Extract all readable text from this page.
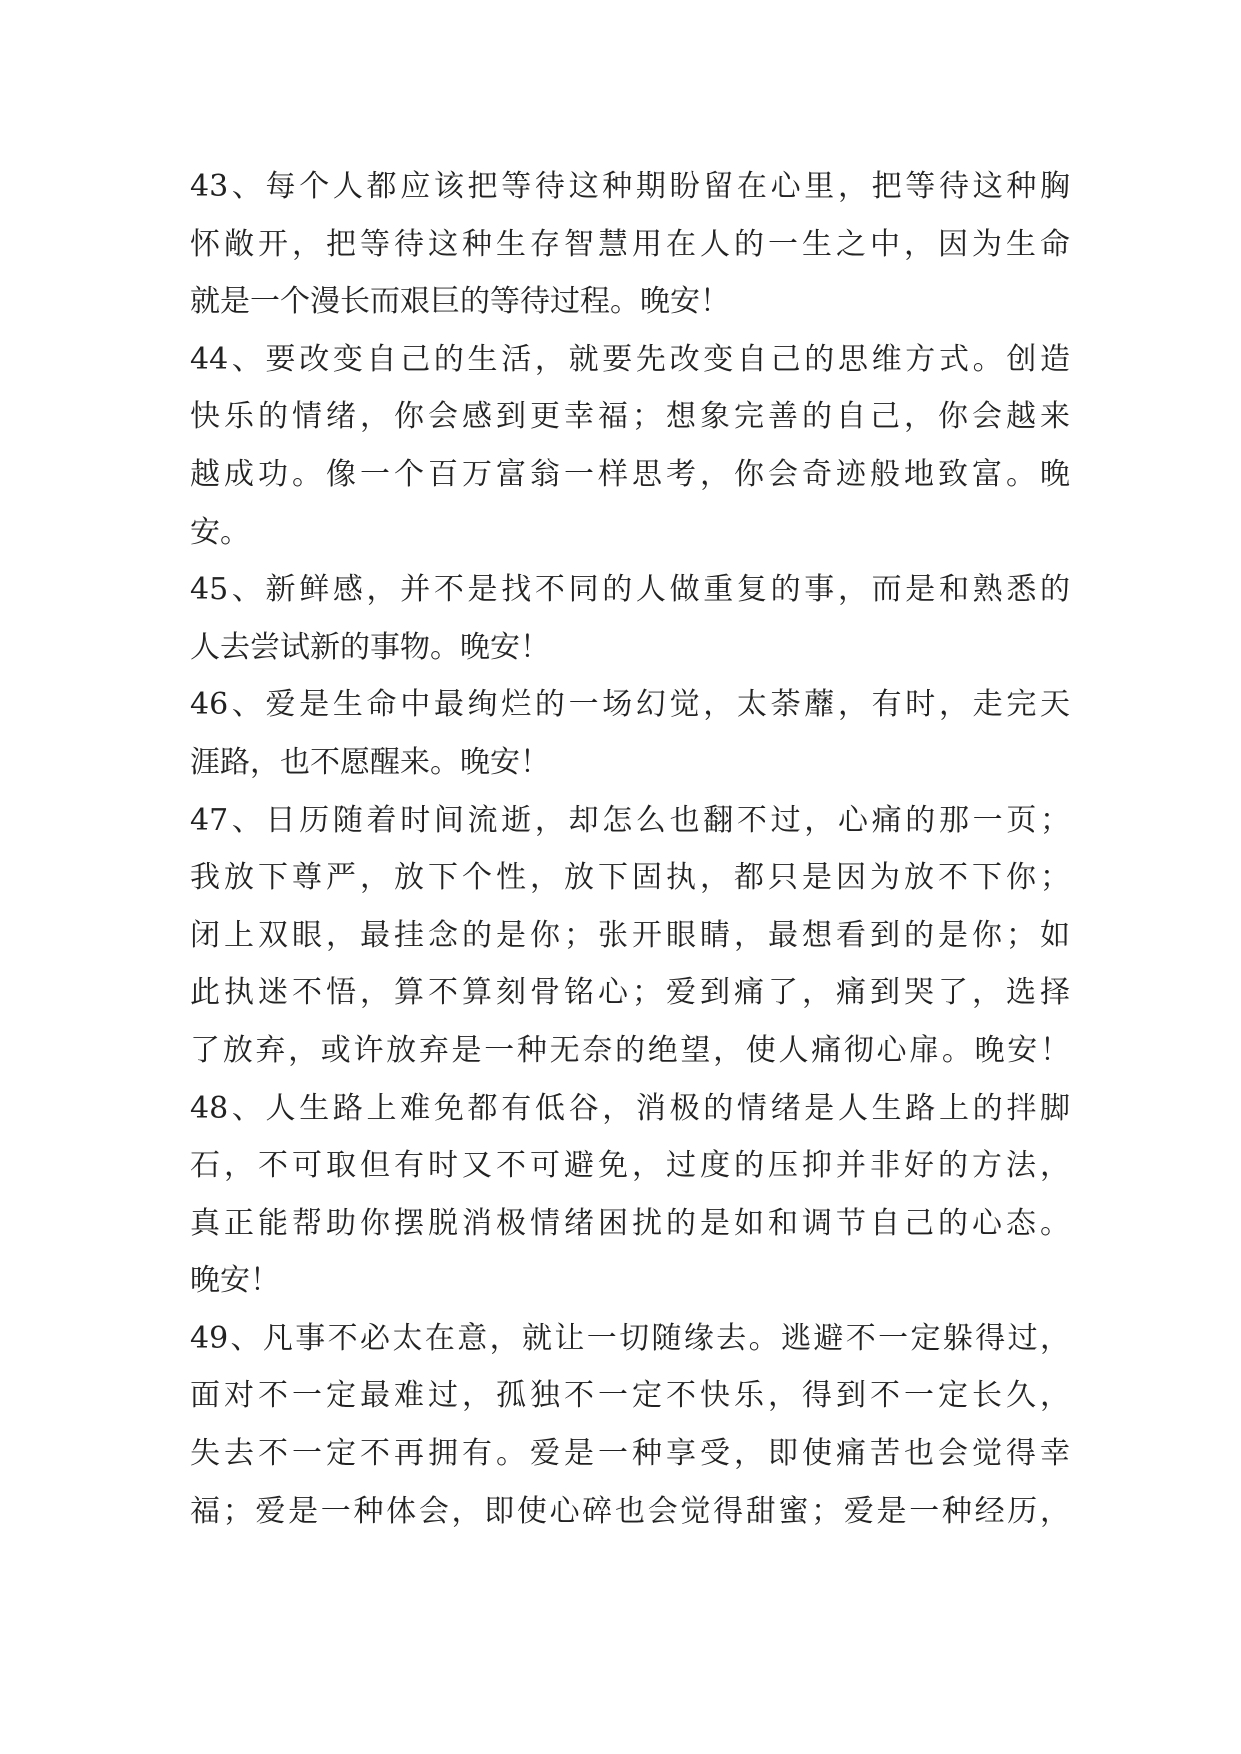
43、每个人都应该把等待这种期盼留在心里，把等待这种胸
怀敞开，把等待这种生存智慧用在人的一生之中，因为生命
就是一个漫长而艰巨的等待过程。晚安！

44、要改变自己的生活，就要先改变自己的思维方式。创造
快乐的情绪，你会感到更幸福；想象完善的自己，你会越来
越成功。像一个百万富翁一样思考，你会奇迹般地致富。晚
安。

45、新鲜感，并不是找不同的人做重复的事，而是和熟悉的
人去尝试新的事物。晚安！

46、爱是生命中最绚烂的一场幻觉，太荼蘼，有时，走完天
涯路，也不愿醒来。晚安！

47、日历随着时间流逝，却怎么也翻不过，心痛的那一页；
我放下尊严，放下个性，放下固执，都只是因为放不下你；
闭上双眼，最挂念的是你；张开眼睛，最想看到的是你；如
此执迷不悟，算不算刻骨铭心；爱到痛了，痛到哭了，选择
了放弃，或许放弃是一种无奈的绝望，使人痛彻心扉。晚安！

48、人生路上难免都有低谷，消极的情绪是人生路上的拌脚
石，不可取但有时又不可避免，过度的压抑并非好的方法，
真正能帮助你摆脱消极情绪困扰的是如和调节自己的心态。
晚安！

49、凡事不必太在意，就让一切随缘去。逃避不一定躲得过，
面对不一定最难过，孤独不一定不快乐，得到不一定长久，
失去不一定不再拥有。爱是一种享受，即使痛苦也会觉得幸
福；爱是一种体会，即使心碎也会觉得甜蜜；爱是一种经历，
